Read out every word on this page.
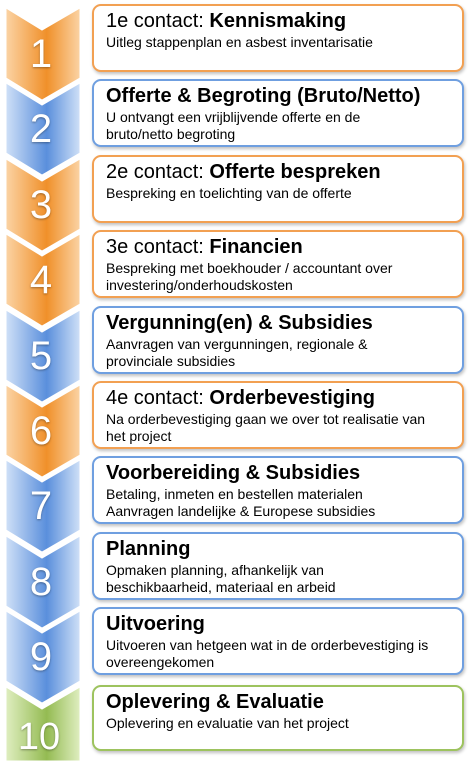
1
1e contact: Kennismaking
Uitleg stappenplan en asbest inventarisatie
2
Offerte & Begroting (Bruto/Netto)
U ontvangt een vrijblijvende offerte en de
bruto/netto begroting
3
2e contact: Offerte bespreken
Bespreking en toelichting van de offerte
4
3e contact: Financien
Bespreking met boekhouder / accountant over
investering/onderhoudskosten
5
Vergunning(en) & Subsidies
Aanvragen van vergunningen, regionale &
provinciale subsidies
6
4e contact: Orderbevestiging
Na orderbevestiging gaan we over tot realisatie van
het project
7
Voorbereiding & Subsidies
Betaling, inmeten en bestellen materialen
Aanvragen landelijke & Europese subsidies
8
Planning
Opmaken planning, afhankelijk van
beschikbaarheid, materiaal en arbeid
9
Uitvoering
Uitvoeren van hetgeen wat in de orderbevestiging is
overeengekomen
10
Oplevering & Evaluatie
Oplevering en evaluatie van het project
